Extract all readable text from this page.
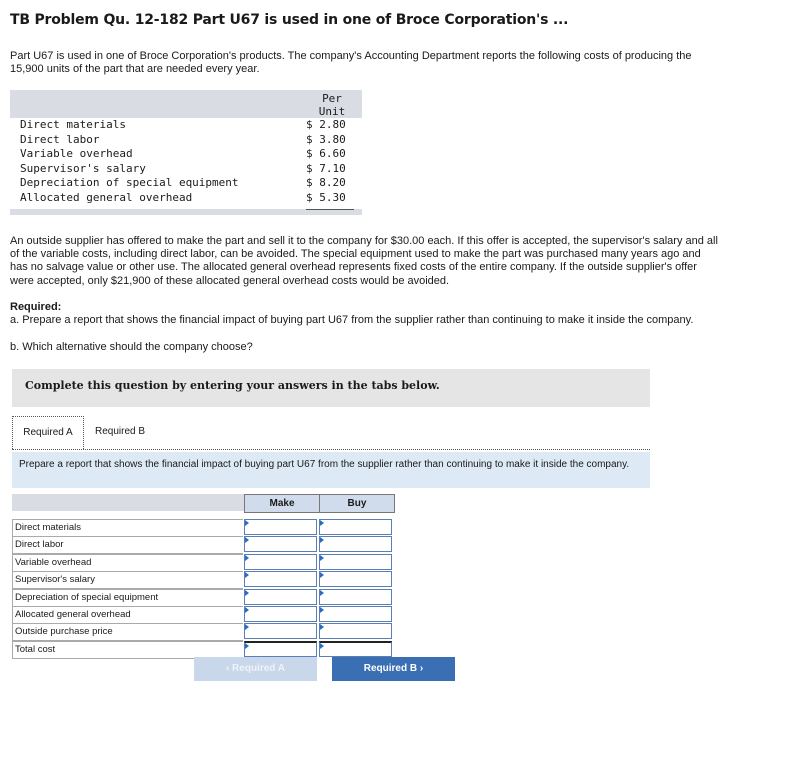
TB Problem Qu. 12-182 Part U67 is used in one of Broce Corporation's ...
Part U67 is used in one of Broce Corporation's products. The company's Accounting Department reports the following costs of producing the 15,900 units of the part that are needed every year.
Per
Unit
Direct materials	$ 2.80
Direct labor	$ 3.80
Variable overhead	$ 6.60
Supervisor's salary	$ 7.10
Depreciation of special equipment	$ 8.20
Allocated general overhead	$ 5.30
An outside supplier has offered to make the part and sell it to the company for $30.00 each. If this offer is accepted, the supervisor's salary and all of the variable costs, including direct labor, can be avoided. The special equipment used to make the part was purchased many years ago and has no salvage value or other use. The allocated general overhead represents fixed costs of the entire company. If the outside supplier's offer were accepted, only $21,900 of these allocated general overhead costs would be avoided.
Required:
a. Prepare a report that shows the financial impact of buying part U67 from the supplier rather than continuing to make it inside the company.
b. Which alternative should the company choose?
Complete this question by entering your answers in the tabs below.
Required A	Required B
Prepare a report that shows the financial impact of buying part U67 from the supplier rather than continuing to make it inside the company.
Make	Buy
Direct materials
Direct labor
Variable overhead
Supervisor's salary
Depreciation of special equipment
Allocated general overhead
Outside purchase price
Total cost
‹ Required A	Required B ›
